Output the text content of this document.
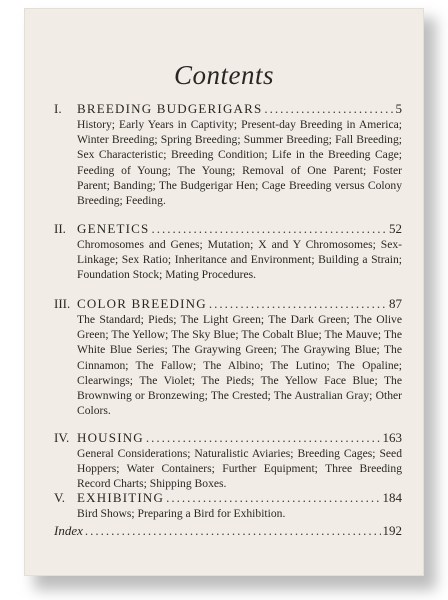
Contents
I.	BREEDING BUDGERIGARS .....	5
History; Early Years in Captivity; Present-day Breeding in America; Winter Breeding; Spring Breeding; Summer Breeding; Fall Breeding; Sex Characteristic; Breeding Condition; Life in the Breeding Cage; Feeding of Young; The Young; Removal of One Parent; Foster Parent; Banding; The Budgerigar Hen; Cage Breeding versus Colony Breeding; Feeding.
II. GENETICS .....	52
Chromosomes and Genes; Mutation; X and Y Chromosomes; Sex-Linkage; Sex Ratio; Inheritance and Environment; Building a Strain; Foundation Stock; Mating Procedures.
III. COLOR BREEDING .....	87
The Standard; Pieds; The Light Green; The Dark Green; The Olive Green; The Yellow; The Sky Blue; The Cobalt Blue; The Mauve; The White Blue Series; The Graywing Green; The Graywing Blue; The Cinnamon; The Fallow; The Albino; The Lutino; The Opaline; Clearwings; The Violet; The Pieds; The Yellow Face Blue; The Brownwing or Bronzewing; The Crested; The Australian Gray; Other Colors.
IV. HOUSING .....	163
General Considerations; Naturalistic Aviaries; Breeding Cages; Seed Hoppers; Water Containers; Further Equipment; Three Breeding Record Charts; Shipping Boxes.
V. EXHIBITING .....	184
Bird Shows; Preparing a Bird for Exhibition.
Index .....	192
